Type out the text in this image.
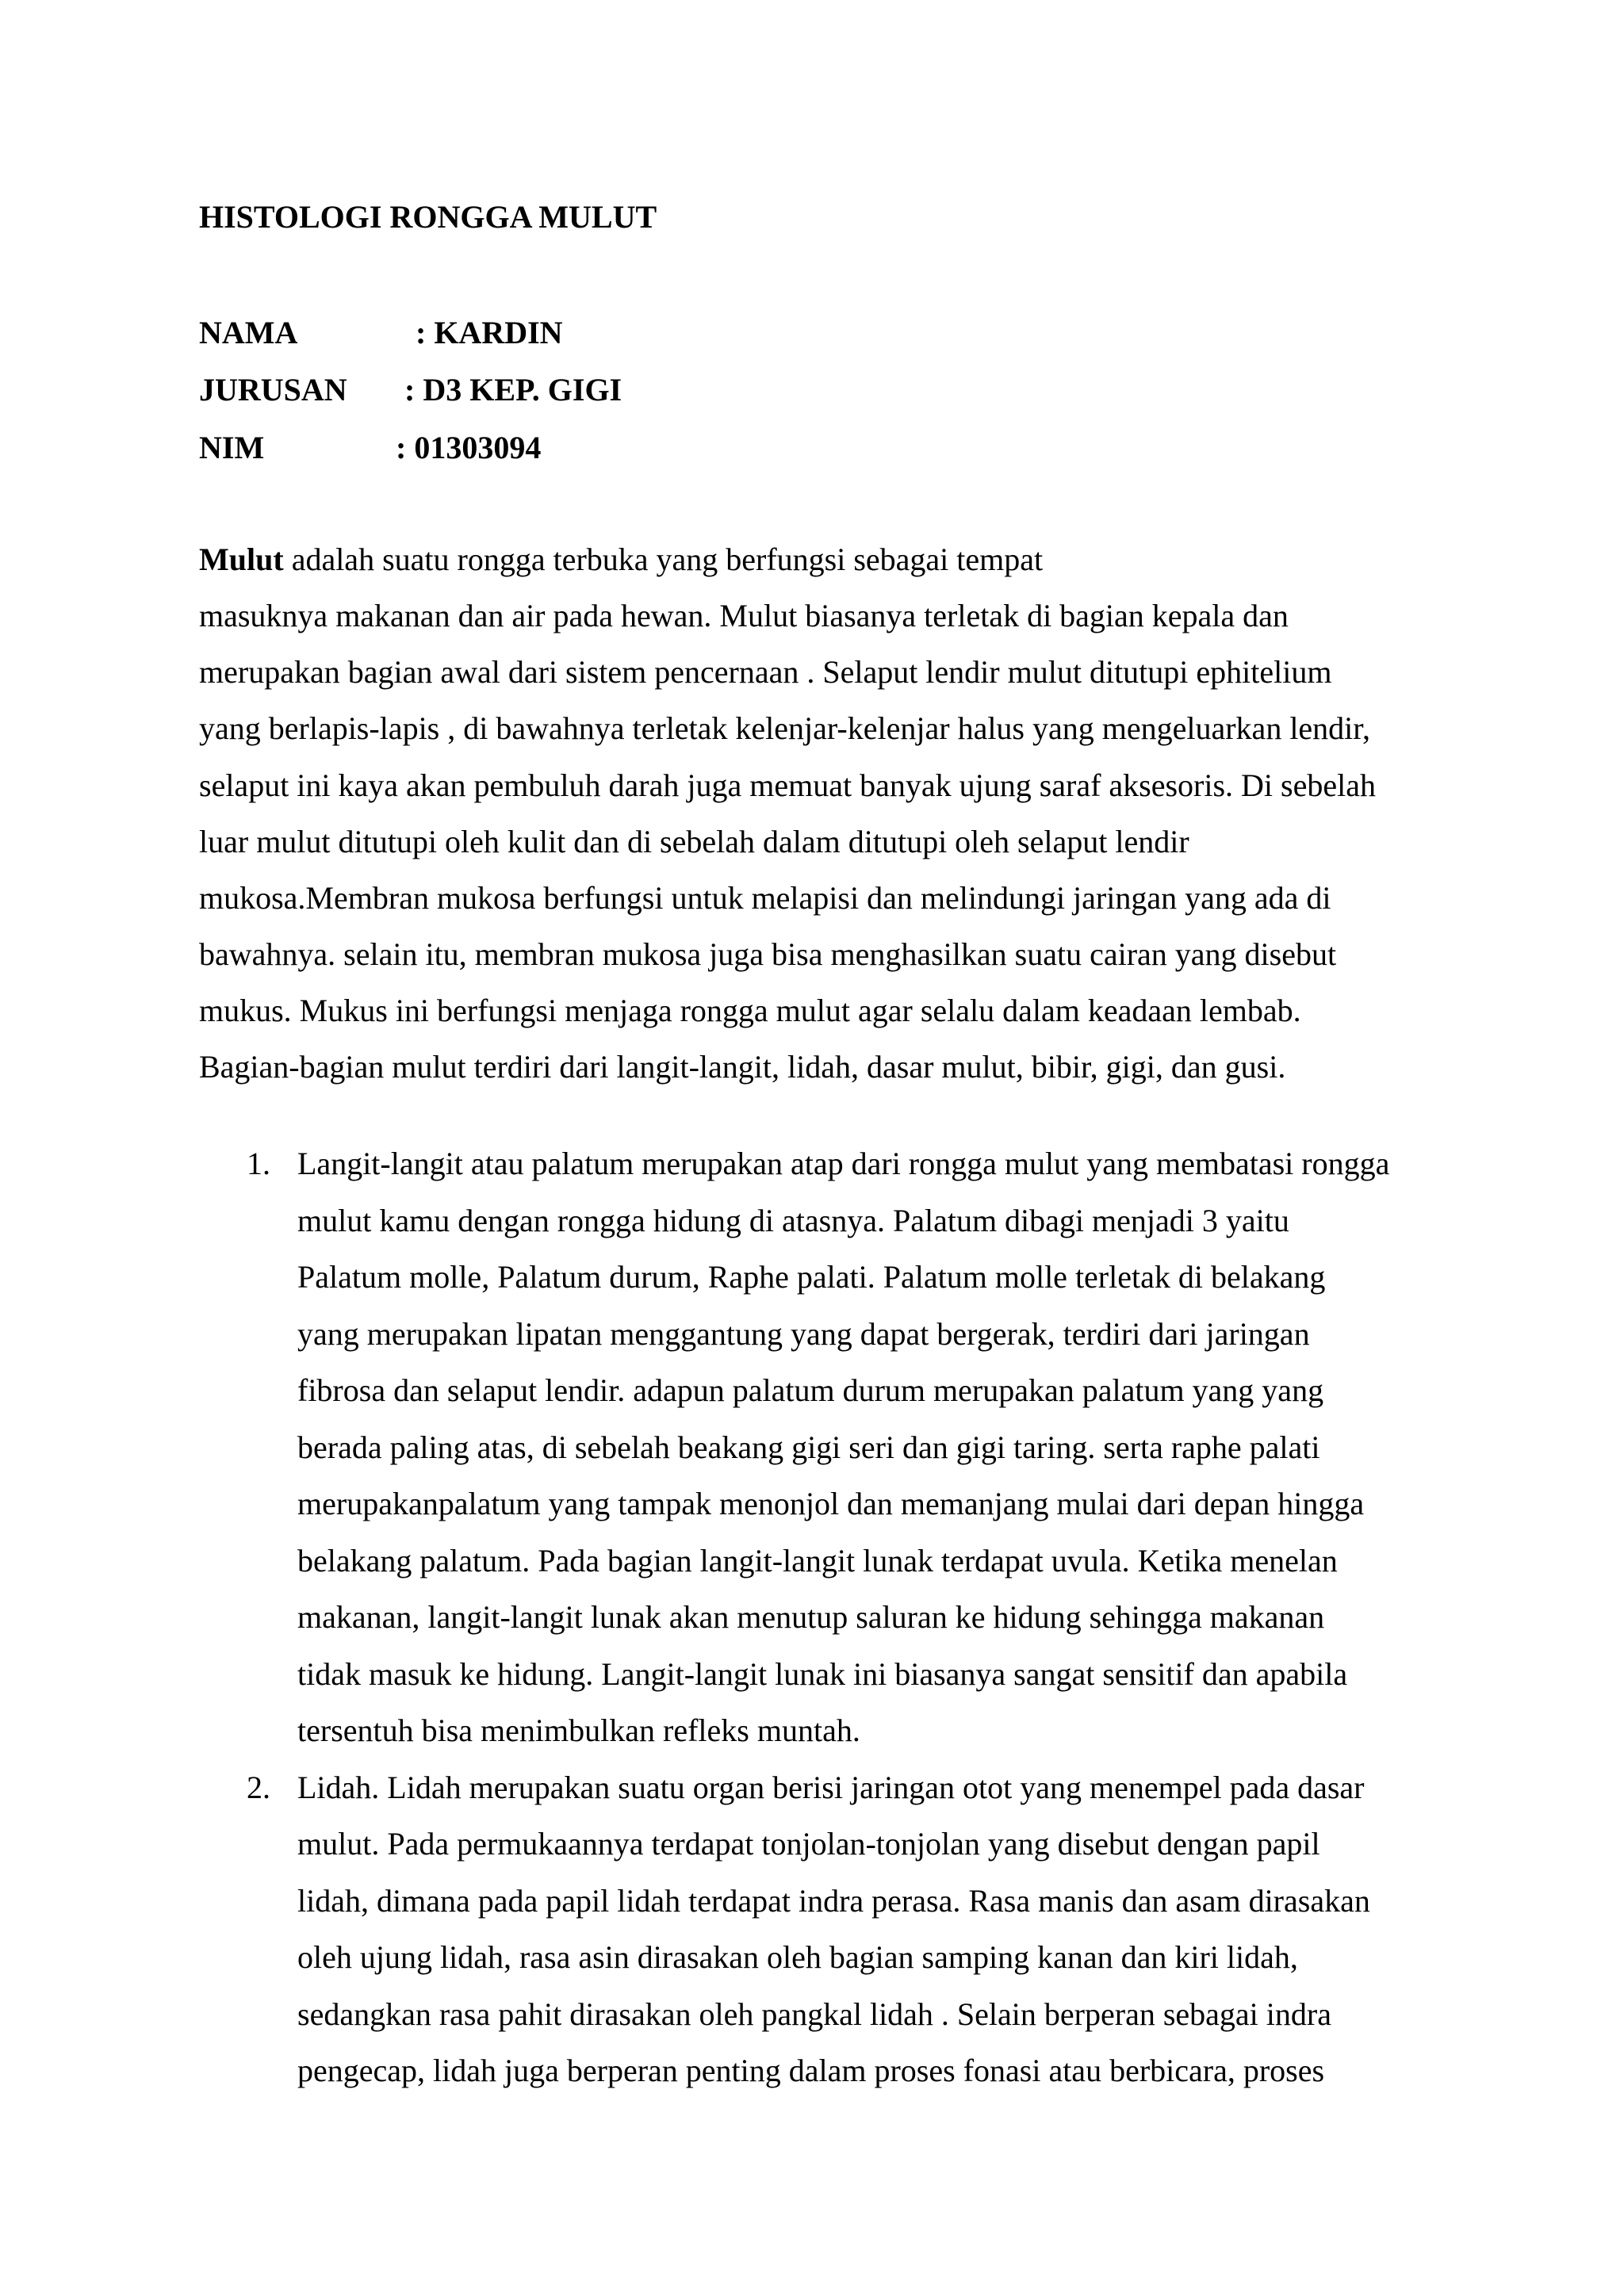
HISTOLOGI RONGGA MULUT
NAMA	: KARDIN
JURUSAN : D3 KEP. GIGI
NIM	: 01303094
Mulut adalah suatu rongga terbuka yang berfungsi sebagai tempat
masuknya makanan dan air pada hewan. Mulut biasanya terletak di bagian kepala dan
merupakan bagian awal dari sistem pencernaan . Selaput lendir mulut ditutupi ephitelium
yang berlapis-lapis , di bawahnya terletak kelenjar-kelenjar halus yang mengeluarkan lendir,
selaput ini kaya akan pembuluh darah juga memuat banyak ujung saraf aksesoris. Di sebelah
luar mulut ditutupi oleh kulit dan di sebelah dalam ditutupi oleh selaput lendir
mukosa.Membran mukosa berfungsi untuk melapisi dan melindungi jaringan yang ada di
bawahnya. selain itu, membran mukosa juga bisa menghasilkan suatu cairan yang disebut
mukus. Mukus ini berfungsi menjaga rongga mulut agar selalu dalam keadaan lembab.
Bagian-bagian mulut terdiri dari langit-langit, lidah, dasar mulut, bibir, gigi, dan gusi.
1. Langit-langit atau palatum merupakan atap dari rongga mulut yang membatasi rongga
mulut kamu dengan rongga hidung di atasnya. Palatum dibagi menjadi 3 yaitu
Palatum molle, Palatum durum, Raphe palati. Palatum molle terletak di belakang
yang merupakan lipatan menggantung yang dapat bergerak, terdiri dari jaringan
fibrosa dan selaput lendir. adapun palatum durum merupakan palatum yang yang
berada paling atas, di sebelah beakang gigi seri dan gigi taring. serta raphe palati
merupakanpalatum yang tampak menonjol dan memanjang mulai dari depan hingga
belakang palatum. Pada bagian langit-langit lunak terdapat uvula. Ketika menelan
makanan, langit-langit lunak akan menutup saluran ke hidung sehingga makanan
tidak masuk ke hidung. Langit-langit lunak ini biasanya sangat sensitif dan apabila
tersentuh bisa menimbulkan refleks muntah.
2. Lidah. Lidah merupakan suatu organ berisi jaringan otot yang menempel pada dasar
mulut. Pada permukaannya terdapat tonjolan-tonjolan yang disebut dengan papil
lidah, dimana pada papil lidah terdapat indra perasa. Rasa manis dan asam dirasakan
oleh ujung lidah, rasa asin dirasakan oleh bagian samping kanan dan kiri lidah,
sedangkan rasa pahit dirasakan oleh pangkal lidah . Selain berperan sebagai indra
pengecap, lidah juga berperan penting dalam proses fonasi atau berbicara, proses
